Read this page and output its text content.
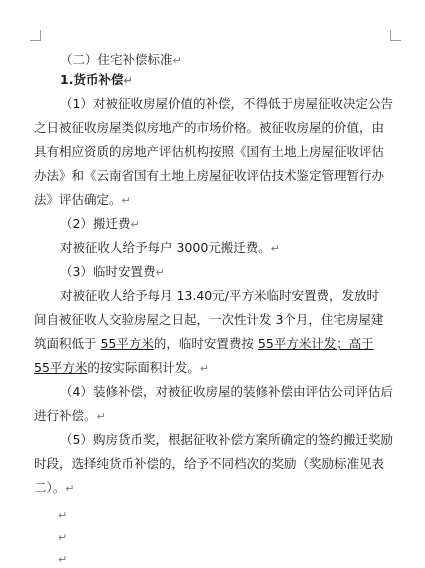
（二）住宅补偿标准↵
1.货币补偿↵
（1）对被征收房屋价值的补偿，不得低于房屋征收决定公告
之日被征收房屋类似房地产的市场价格。被征收房屋的价值，由
具有相应资质的房地产评估机构按照《国有土地上房屋征收评估
办法》和《云南省国有土地上房屋征收评估技术鉴定管理暂行办
法》评估确定。↵
（2）搬迁费↵
对被征收人给予每户 3000元搬迁费。↵
（3）临时安置费↵
对被征收人给予每月 13.40元/平方米临时安置费，发放时
间自被征收人交验房屋之日起，一次性计发 3个月，住宅房屋建
筑面积低于 55平方米的，临时安置费按 55平方米计发；高于
55平方米的按实际面积计发。↵
（4）装修补偿，对被征收房屋的装修补偿由评估公司评估后
进行补偿。↵
（5）购房货币奖，根据征收补偿方案所确定的签约搬迁奖励
时段，选择纯货币补偿的，给予不同档次的奖励（奖励标准见表
二）。↵
↵
↵
↵
